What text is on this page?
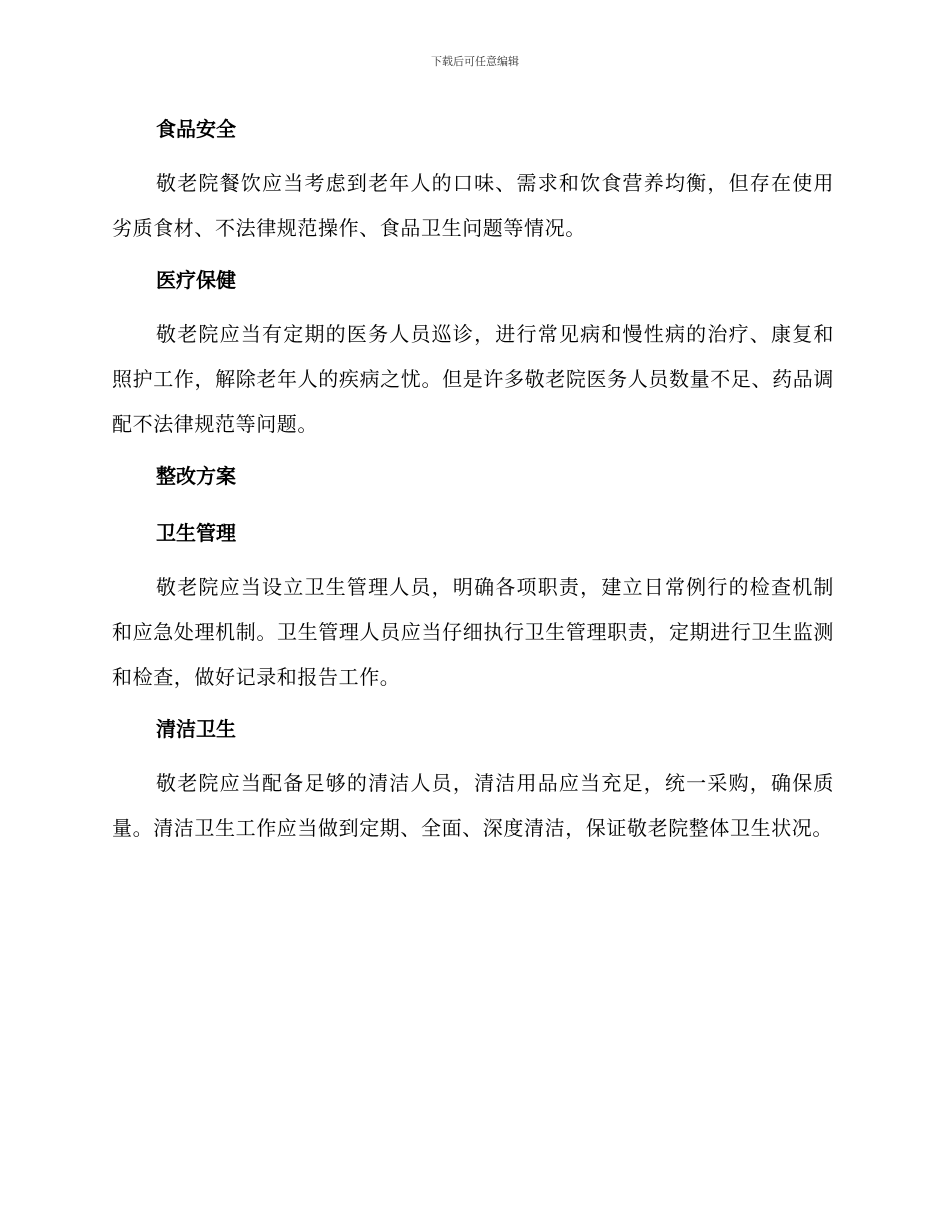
下载后可任意编辑
食品安全

敬老院餐饮应当考虑到老年人的口味、需求和饮食营养均衡，但存在使用劣质食材、不法律规范操作、食品卫生问题等情况。

医疗保健

敬老院应当有定期的医务人员巡诊，进行常见病和慢性病的治疗、康复和照护工作，解除老年人的疾病之忧。但是许多敬老院医务人员数量不足、药品调配不法律规范等问题。

整改方案
卫生管理

敬老院应当设立卫生管理人员，明确各项职责，建立日常例行的检查机制和应急处理机制。卫生管理人员应当仔细执行卫生管理职责，定期进行卫生监测和检查，做好记录和报告工作。

清洁卫生

敬老院应当配备足够的清洁人员，清洁用品应当充足，统一采购，确保质量。清洁卫生工作应当做到定期、全面、深度清洁，保证敬老院整体卫生状况。
